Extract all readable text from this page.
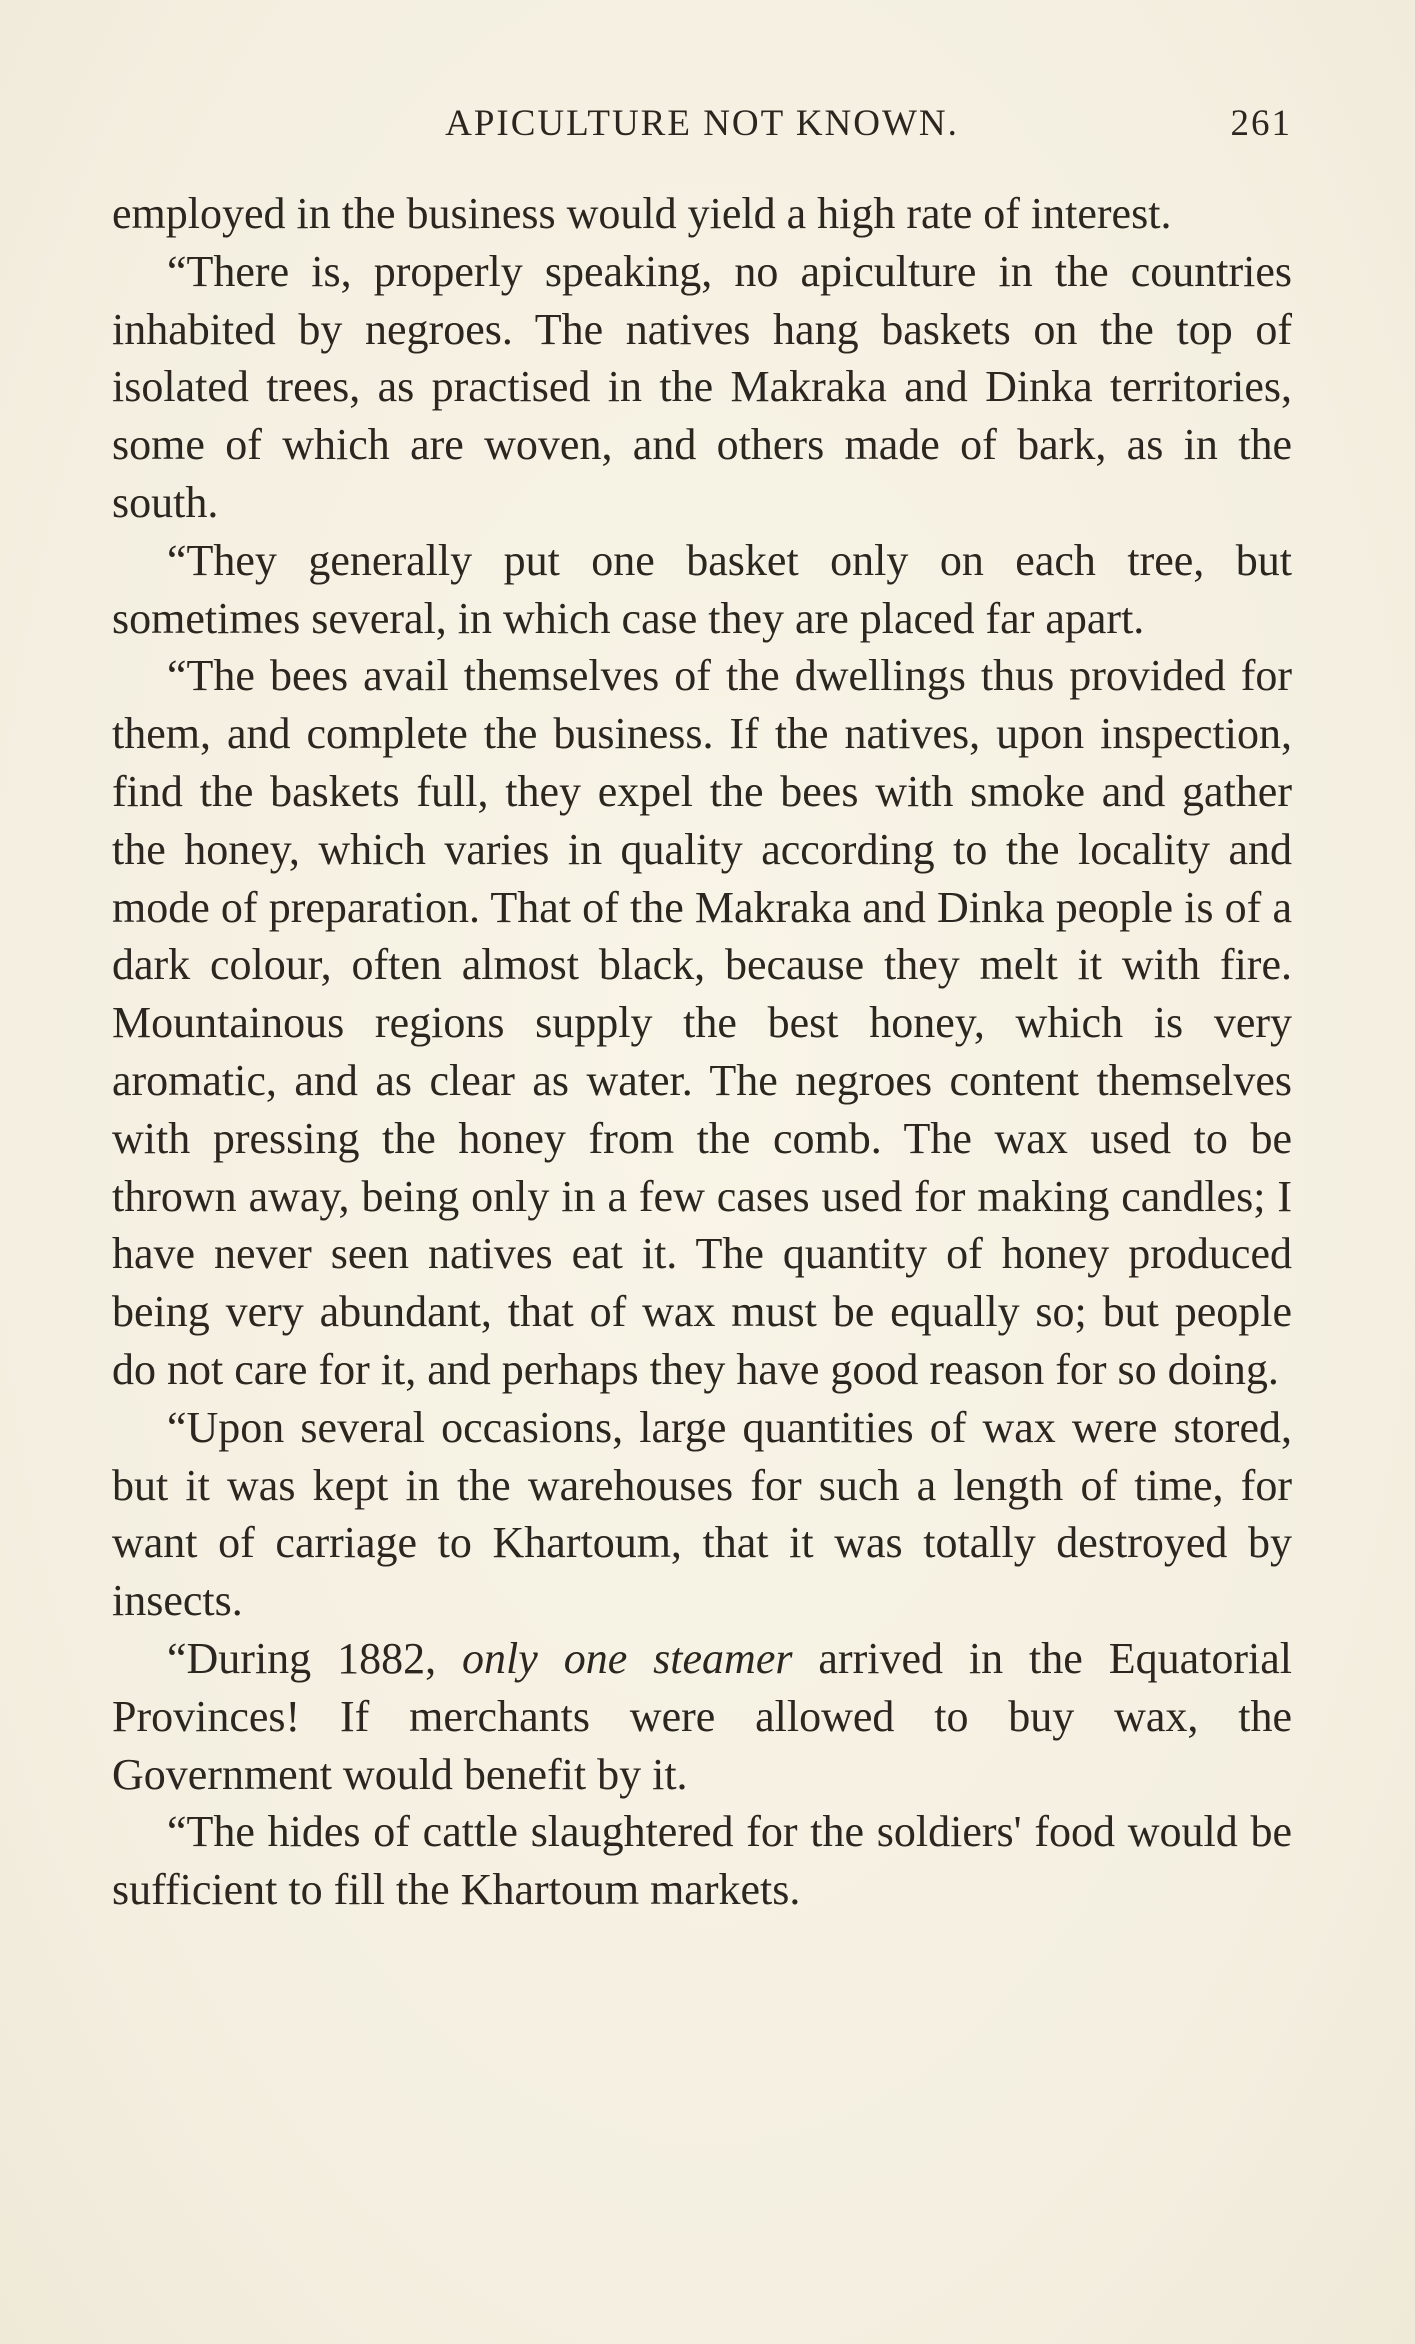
APICULTURE NOT KNOWN.	261

employed in the business would yield a high rate of interest.

“There is, properly speaking, no apiculture in the countries inhabited by negroes. The natives hang baskets on the top of isolated trees, as practised in the Makraka and Dinka territories, some of which are woven, and others made of bark, as in the south.

“They generally put one basket only on each tree, but sometimes several, in which case they are placed far apart.

“The bees avail themselves of the dwellings thus provided for them, and complete the business. If the natives, upon inspection, find the baskets full, they expel the bees with smoke and gather the honey, which varies in quality according to the locality and mode of preparation. That of the Makraka and Dinka people is of a dark colour, often almost black, because they melt it with fire. Mountainous regions supply the best honey, which is very aromatic, and as clear as water. The negroes content themselves with pressing the honey from the comb. The wax used to be thrown away, being only in a few cases used for making candles; I have never seen natives eat it. The quantity of honey produced being very abundant, that of wax must be equally so; but people do not care for it, and perhaps they have good reason for so doing.

“Upon several occasions, large quantities of wax were stored, but it was kept in the warehouses for such a length of time, for want of carriage to Khartoum, that it was totally destroyed by insects.

“During 1882, only one steamer arrived in the Equatorial Provinces! If merchants were allowed to buy wax, the Government would benefit by it.

“The hides of cattle slaughtered for the soldiers' food would be sufficient to fill the Khartoum markets.
